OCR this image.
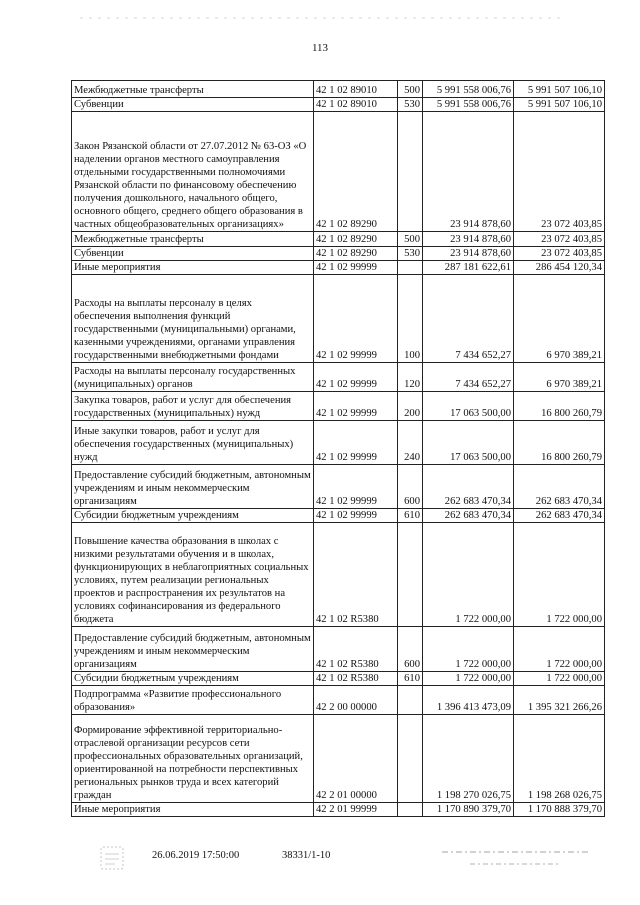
113
Межбюджетные трансферты	42 1 02 89010	500	5 991 558 006,76	5 991 507 106,10
Субвенции	42 1 02 89010	530	5 991 558 006,76	5 991 507 106,10
Закон Рязанской области от 27.07.2012 № 63-ОЗ «О наделении органов местного самоуправления отдельными государственными полномочиями Рязанской области по финансовому обеспечению получения дошкольного, начального общего, основного общего, среднего общего образования в частных общеобразовательных организациях»	42 1 02 89290		23 914 878,60	23 072 403,85
Межбюджетные трансферты	42 1 02 89290	500	23 914 878,60	23 072 403,85
Субвенции	42 1 02 89290	530	23 914 878,60	23 072 403,85
Иные мероприятия	42 1 02 99999		287 181 622,61	286 454 120,34
Расходы на выплаты персоналу в целях обеспечения выполнения функций государственными (муниципальными) органами, казенными учреждениями, органами управления государственными внебюджетными фондами	42 1 02 99999	100	7 434 652,27	6 970 389,21
Расходы на выплаты персоналу государственных (муниципальных) органов	42 1 02 99999	120	7 434 652,27	6 970 389,21
Закупка товаров, работ и услуг для обеспечения государственных (муниципальных) нужд	42 1 02 99999	200	17 063 500,00	16 800 260,79
Иные закупки товаров, работ и услуг для обеспечения государственных (муниципальных) нужд	42 1 02 99999	240	17 063 500,00	16 800 260,79
Предоставление субсидий бюджетным, автономным учреждениям и иным некоммерческим организациям	42 1 02 99999	600	262 683 470,34	262 683 470,34
Субсидии бюджетным учреждениям	42 1 02 99999	610	262 683 470,34	262 683 470,34
Повышение качества образования в школах с низкими результатами обучения и в школах, функционирующих в неблагоприятных социальных условиях, путем реализации региональных проектов и распространения их результатов на условиях софинансирования из федерального бюджета	42 1 02 R5380		1 722 000,00	1 722 000,00
Предоставление субсидий бюджетным, автономным учреждениям и иным некоммерческим организациям	42 1 02 R5380	600	1 722 000,00	1 722 000,00
Субсидии бюджетным учреждениям	42 1 02 R5380	610	1 722 000,00	1 722 000,00
Подпрограмма «Развитие профессионального образования»	42 2 00 00000		1 396 413 473,09	1 395 321 266,26
Формирование эффективной территориально-отраслевой организации ресурсов сети профессиональных образовательных организаций, ориентированной на потребности перспективных региональных рынков труда и всех категорий граждан	42 2 01 00000		1 198 270 026,75	1 198 268 026,75
Иные мероприятия	42 2 01 99999		1 170 890 379,70	1 170 888 379,70
26.06.2019 17:50:00	38331/1-10
